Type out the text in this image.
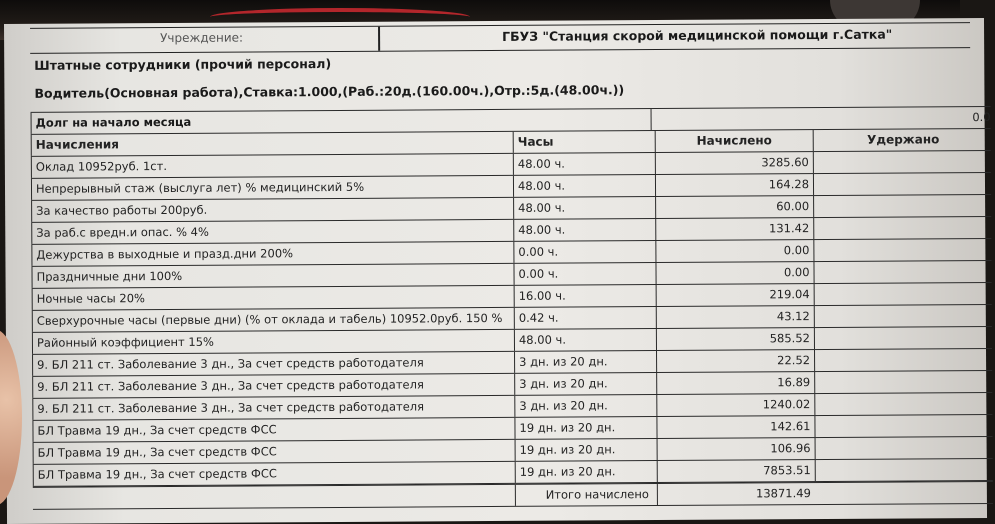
Учреждение:	ГБУЗ "Станция скорой медицинской помощи г.Сатка"
Штатные сотрудники (прочий персонал)
Водитель(Основная работа),Ставка:1.000,(Раб.:20д.(160.00ч.),Отр.:5д.(48.00ч.))
Долг на начало месяца	0.0
Начисления	Часы	Начислено	Удержано
Оклад 10952руб. 1ст.	48.00 ч.	3285.60
Непрерывный стаж (выслуга лет) % медицинский 5%	48.00 ч.	164.28
За качество работы 200руб.	48.00 ч.	60.00
За раб.с вредн.и опас. % 4%	48.00 ч.	131.42
Дежурства в выходные и празд.дни 200%	0.00 ч.	0.00
Праздничные дни 100%	0.00 ч.	0.00
Ночные часы 20%	16.00 ч.	219.04
Сверхурочные часы (первые дни) (% от оклада и табель) 10952.0руб. 150 %	0.42 ч.	43.12
Районный коэффициент 15%	48.00 ч.	585.52
9. БЛ 211 ст. Заболевание 3 дн., За счет средств работодателя	3 дн. из 20 дн.	22.52
9. БЛ 211 ст. Заболевание 3 дн., За счет средств работодателя	3 дн. из 20 дн.	16.89
9. БЛ 211 ст. Заболевание 3 дн., За счет средств работодателя	3 дн. из 20 дн.	1240.02
БЛ Травма 19 дн., За счет средств ФСС	19 дн. из 20 дн.	142.61
БЛ Травма 19 дн., За счет средств ФСС	19 дн. из 20 дн.	106.96
БЛ Травма 19 дн., За счет средств ФСС	19 дн. из 20 дн.	7853.51
Итого начислено	13871.49
